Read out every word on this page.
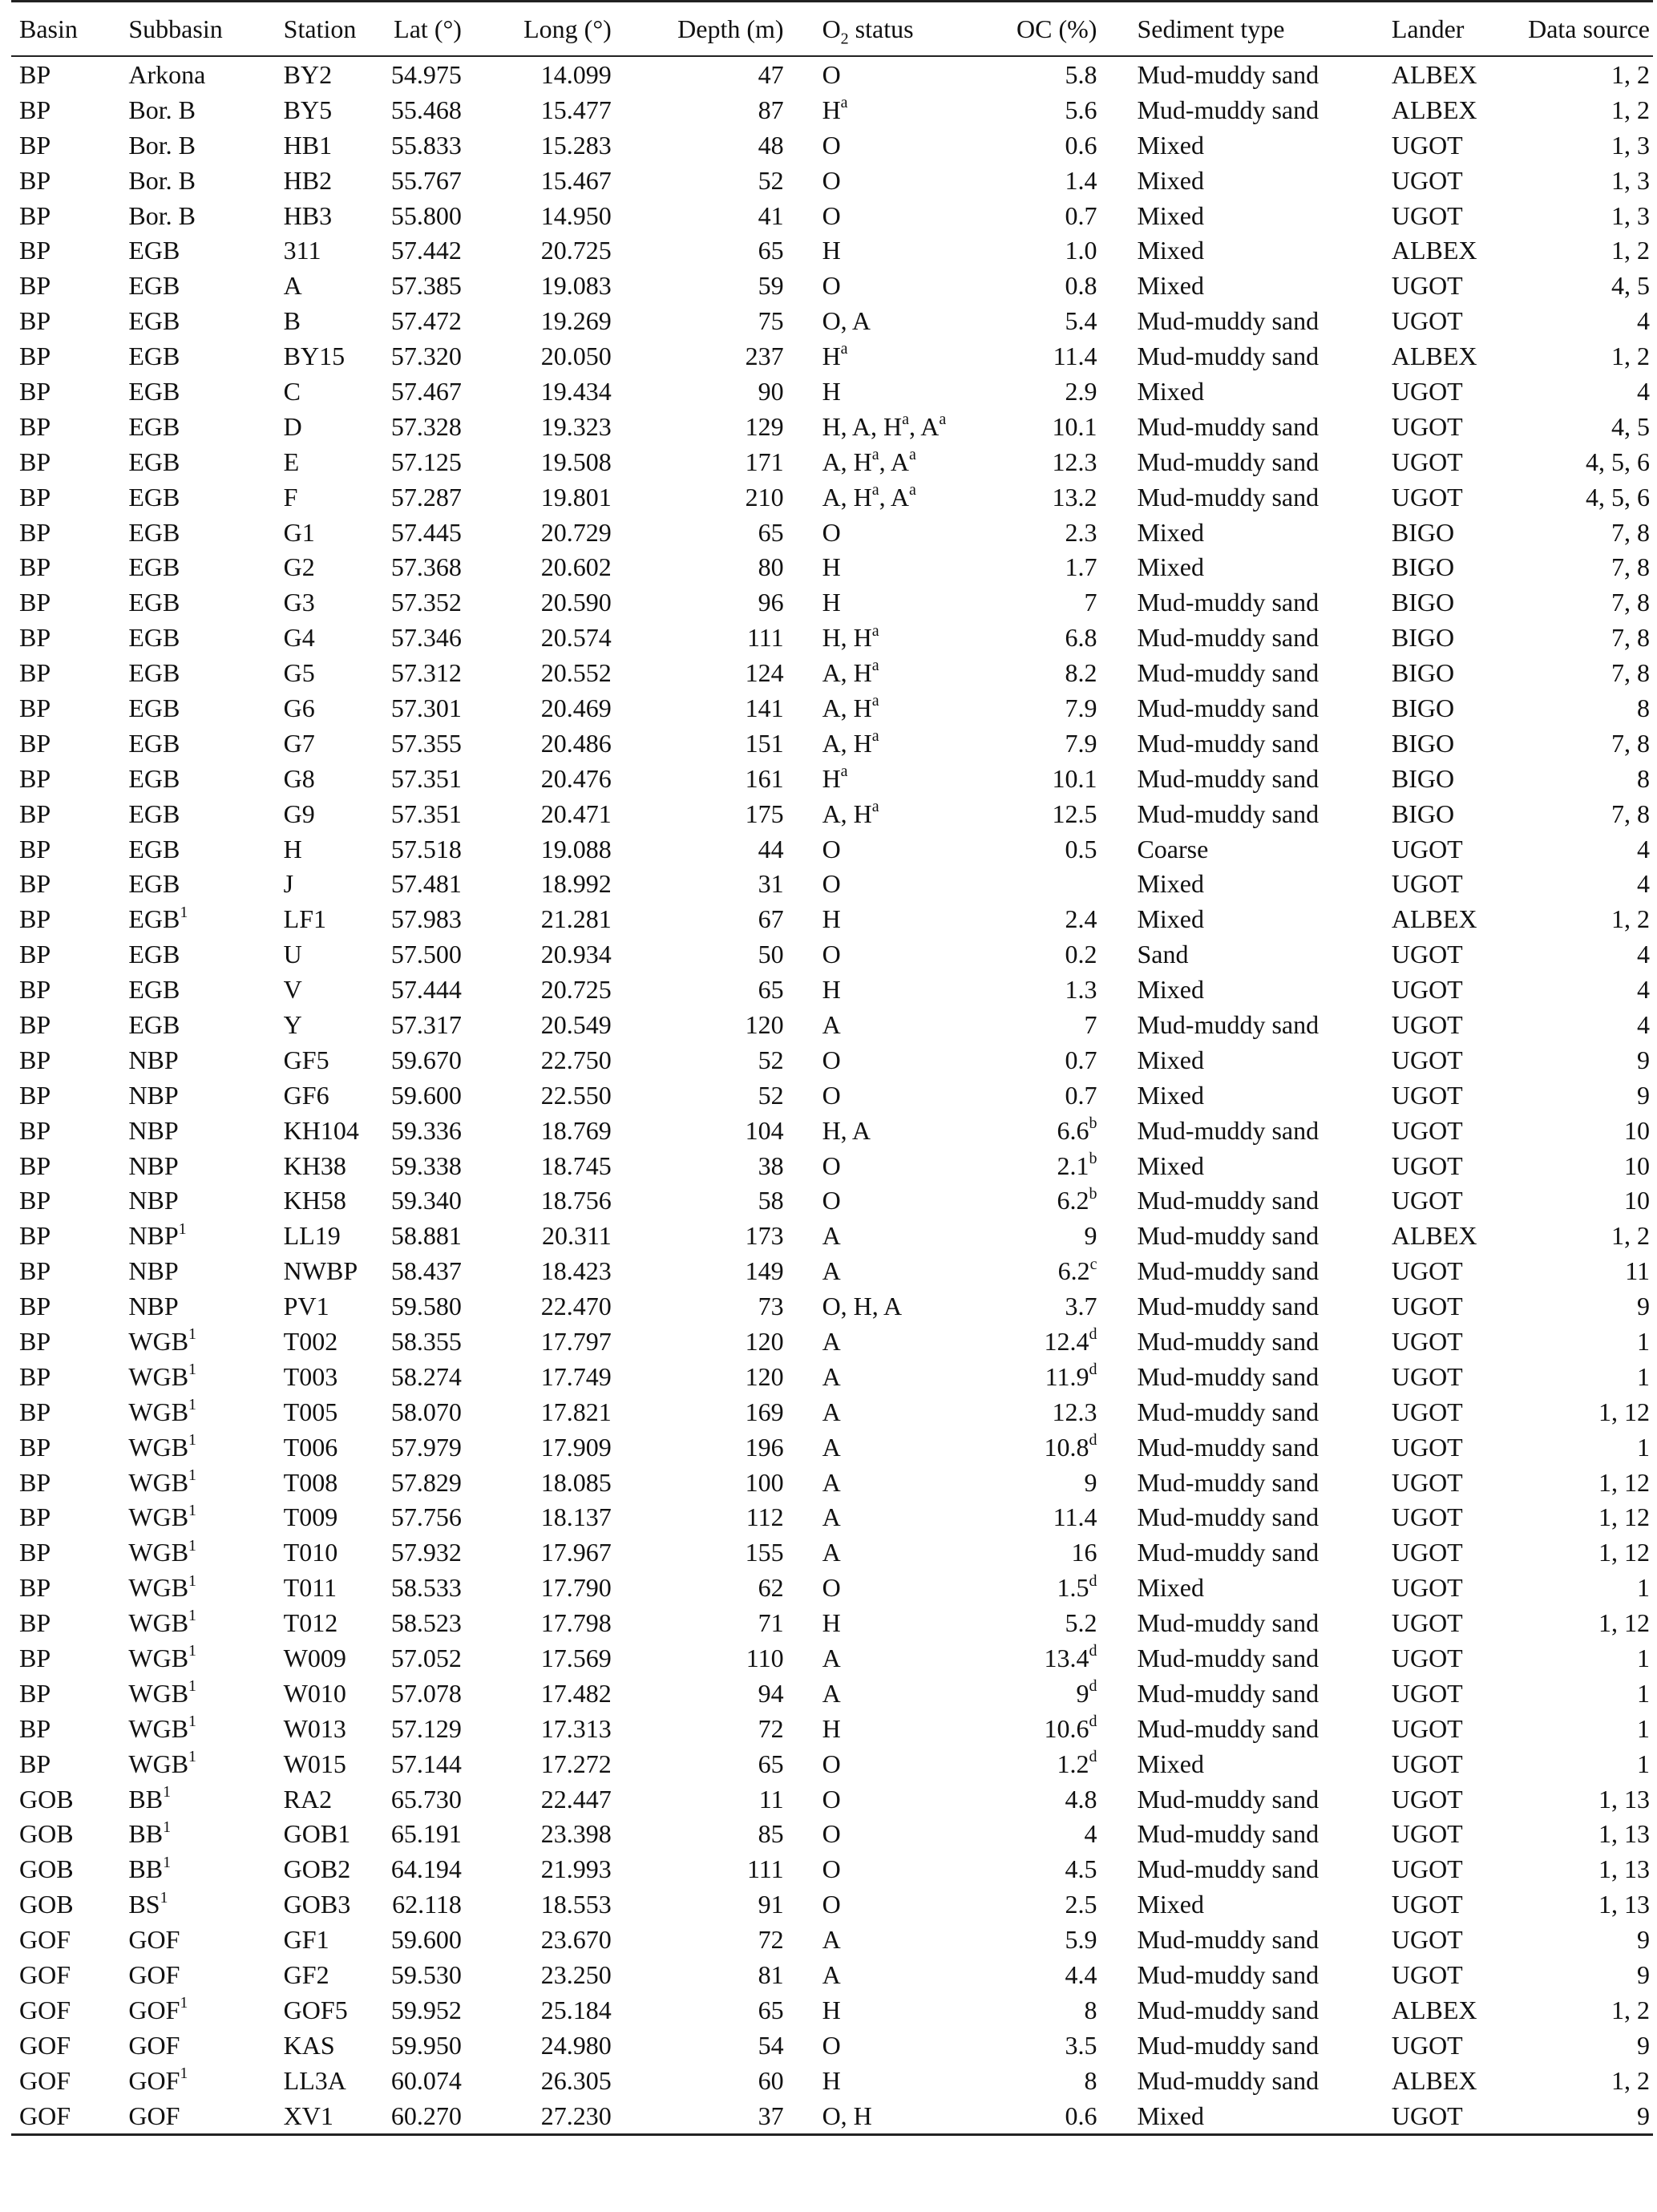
Basin	Subbasin	Station	Lat (°)	Long (°)	Depth (m)	$O_2$ status	OC (%)	Sediment type	Lander	Data source
BP	Arkona	BY2	54.975	14.099	47	O	5.8	Mud-muddy sand	ALBEX	1, 2
BP	Bor. B	BY5	55.468	15.477	87	$H^a$	5.6	Mud-muddy sand	ALBEX	1, 2
BP	Bor. B	HB1	55.833	15.283	48	O	0.6	Mixed	UGOT	1, 3
BP	Bor. B	HB2	55.767	15.467	52	O	1.4	Mixed	UGOT	1, 3
BP	Bor. B	HB3	55.800	14.950	41	O	0.7	Mixed	UGOT	1, 3
BP	EGB	311	57.442	20.725	65	H	1.0	Mixed	ALBEX	1, 2
BP	EGB	A	57.385	19.083	59	O	0.8	Mixed	UGOT	4, 5
BP	EGB	B	57.472	19.269	75	O, A	5.4	Mud-muddy sand	UGOT	4
BP	EGB	BY15	57.320	20.050	237	$H^a$	11.4	Mud-muddy sand	ALBEX	1, 2
BP	EGB	C	57.467	19.434	90	H	2.9	Mixed	UGOT	4
BP	EGB	D	57.328	19.323	129	H, A, $H^a$, $A^a$	10.1	Mud-muddy sand	UGOT	4, 5
BP	EGB	E	57.125	19.508	171	A, $H^a$, $A^a$	12.3	Mud-muddy sand	UGOT	4, 5, 6
BP	EGB	F	57.287	19.801	210	A, $H^a$, $A^a$	13.2	Mud-muddy sand	UGOT	4, 5, 6
BP	EGB	G1	57.445	20.729	65	O	2.3	Mixed	BIGO	7, 8
BP	EGB	G2	57.368	20.602	80	H	1.7	Mixed	BIGO	7, 8
BP	EGB	G3	57.352	20.590	96	H	7	Mud-muddy sand	BIGO	7, 8
BP	EGB	G4	57.346	20.574	111	H, $H^a$	6.8	Mud-muddy sand	BIGO	7, 8
BP	EGB	G5	57.312	20.552	124	A, $H^a$	8.2	Mud-muddy sand	BIGO	7, 8
BP	EGB	G6	57.301	20.469	141	A, $H^a$	7.9	Mud-muddy sand	BIGO	8
BP	EGB	G7	57.355	20.486	151	A, $H^a$	7.9	Mud-muddy sand	BIGO	7, 8
BP	EGB	G8	57.351	20.476	161	$H^a$	10.1	Mud-muddy sand	BIGO	8
BP	EGB	G9	57.351	20.471	175	A, $H^a$	12.5	Mud-muddy sand	BIGO	7, 8
BP	EGB	H	57.518	19.088	44	O	0.5	Coarse	UGOT	4
BP	EGB	J	57.481	18.992	31	O		Mixed	UGOT	4
BP	EGB$^1$	LF1	57.983	21.281	67	H	2.4	Mixed	ALBEX	1, 2
BP	EGB	U	57.500	20.934	50	O	0.2	Sand	UGOT	4
BP	EGB	V	57.444	20.725	65	H	1.3	Mixed	UGOT	4
BP	EGB	Y	57.317	20.549	120	A	7	Mud-muddy sand	UGOT	4
BP	NBP	GF5	59.670	22.750	52	O	0.7	Mixed	UGOT	9
BP	NBP	GF6	59.600	22.550	52	O	0.7	Mixed	UGOT	9
BP	NBP	KH104	59.336	18.769	104	H, A	6.6$^b$	Mud-muddy sand	UGOT	10
BP	NBP	KH38	59.338	18.745	38	O	2.1$^b$	Mixed	UGOT	10
BP	NBP	KH58	59.340	18.756	58	O	6.2$^b$	Mud-muddy sand	UGOT	10
BP	NBP$^1$	LL19	58.881	20.311	173	A	9	Mud-muddy sand	ALBEX	1, 2
BP	NBP	NWBP	58.437	18.423	149	A	6.2$^c$	Mud-muddy sand	UGOT	11
BP	NBP	PV1	59.580	22.470	73	O, H, A	3.7	Mud-muddy sand	UGOT	9
BP	WGB$^1$	T002	58.355	17.797	120	A	12.4$^d$	Mud-muddy sand	UGOT	1
BP	WGB$^1$	T003	58.274	17.749	120	A	11.9$^d$	Mud-muddy sand	UGOT	1
BP	WGB$^1$	T005	58.070	17.821	169	A	12.3	Mud-muddy sand	UGOT	1, 12
BP	WGB$^1$	T006	57.979	17.909	196	A	10.8$^d$	Mud-muddy sand	UGOT	1
BP	WGB$^1$	T008	57.829	18.085	100	A	9	Mud-muddy sand	UGOT	1, 12
BP	WGB$^1$	T009	57.756	18.137	112	A	11.4	Mud-muddy sand	UGOT	1, 12
BP	WGB$^1$	T010	57.932	17.967	155	A	16	Mud-muddy sand	UGOT	1, 12
BP	WGB$^1$	T011	58.533	17.790	62	O	1.5$^d$	Mixed	UGOT	1
BP	WGB$^1$	T012	58.523	17.798	71	H	5.2	Mud-muddy sand	UGOT	1, 12
BP	WGB$^1$	W009	57.052	17.569	110	A	13.4$^d$	Mud-muddy sand	UGOT	1
BP	WGB$^1$	W010	57.078	17.482	94	A	9$^d$	Mud-muddy sand	UGOT	1
BP	WGB$^1$	W013	57.129	17.313	72	H	10.6$^d$	Mud-muddy sand	UGOT	1
BP	WGB$^1$	W015	57.144	17.272	65	O	1.2$^d$	Mixed	UGOT	1
GOB	$BB^1$	RA2	65.730	22.447	11	O	4.8	Mud-muddy sand	UGOT	1, 13
GOB	$BB^1$	GOB1	65.191	23.398	85	O	4	Mud-muddy sand	UGOT	1, 13
GOB	$BB^1$	GOB2	64.194	21.993	111	O	4.5	Mud-muddy sand	UGOT	1, 13
GOB	$BS^1$	GOB3	62.118	18.553	91	O	2.5	Mixed	UGOT	1, 13
GOF	GOF	GF1	59.600	23.670	72	A	5.9	Mud-muddy sand	UGOT	9
GOF	GOF	GF2	59.530	23.250	81	A	4.4	Mud-muddy sand	UGOT	9
GOF	GOF$^1$	GOF5	59.952	25.184	65	H	8	Mud-muddy sand	ALBEX	1, 2
GOF	GOF	KAS	59.950	24.980	54	O	3.5	Mud-muddy sand	UGOT	9
GOF	GOF$^1$	LL3A	60.074	26.305	60	H	8	Mud-muddy sand	ALBEX	1, 2
GOF	GOF	XV1	60.270	27.230	37	O, H	0.6	Mixed	UGOT	9
